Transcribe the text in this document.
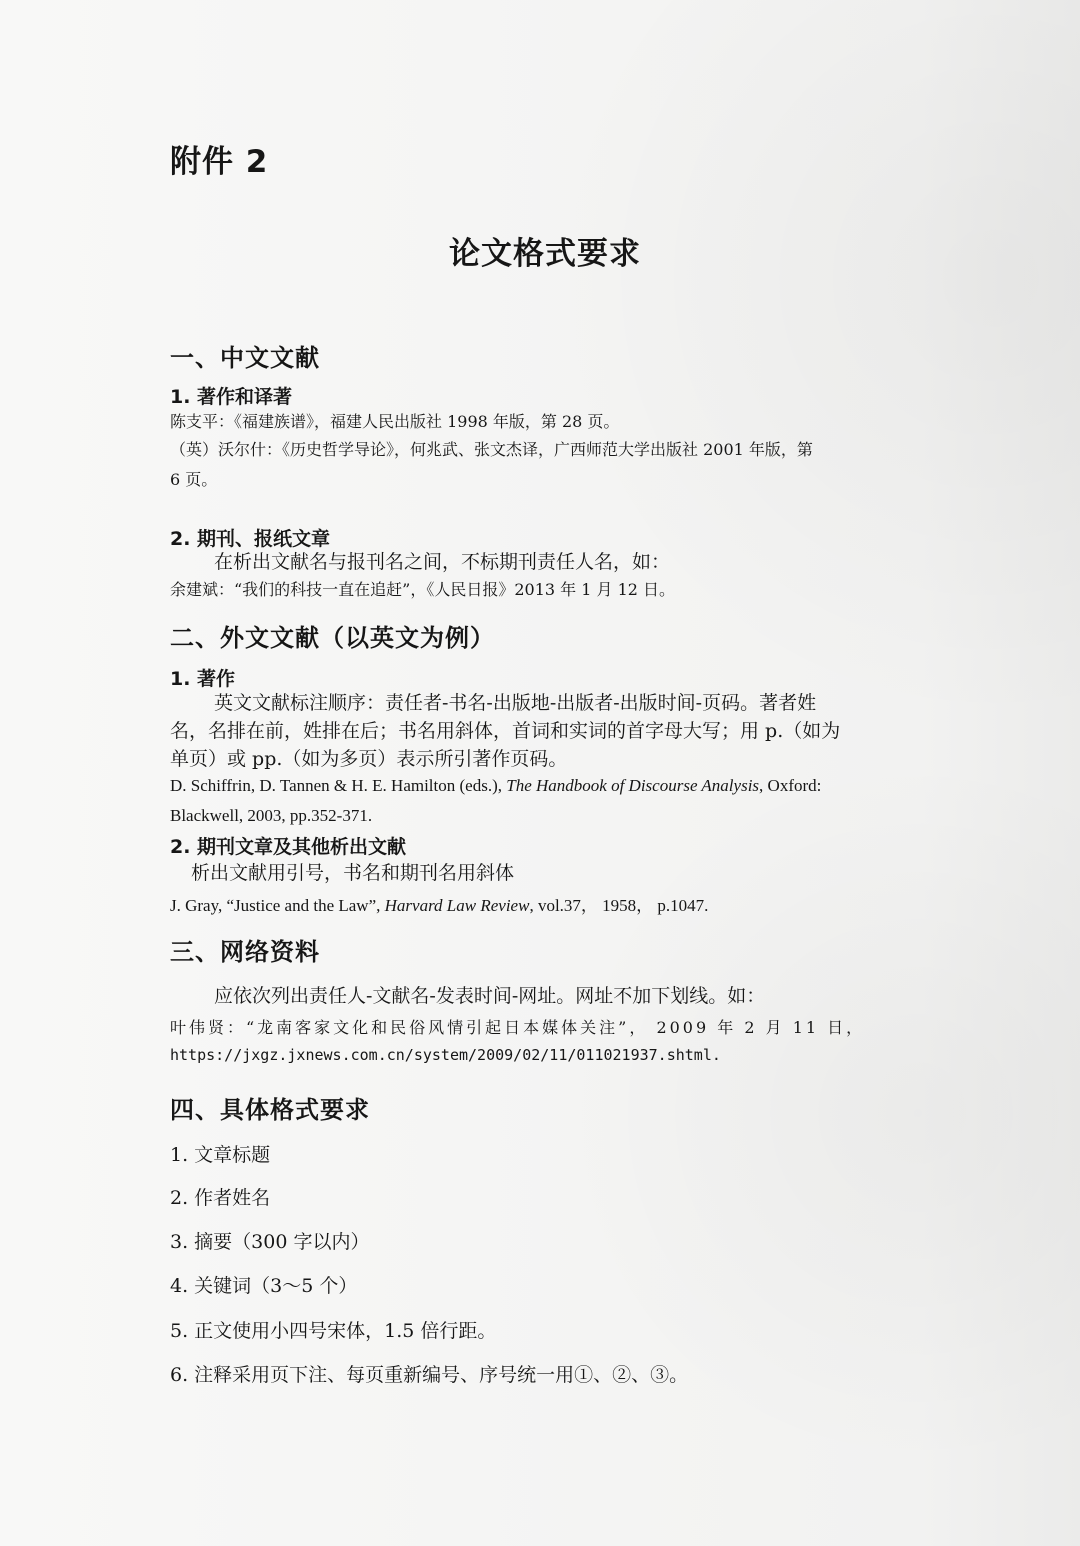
附件 2
论文格式要求
一、中文文献
1. 著作和译著
陈支平：《福建族谱》，福建人民出版社 1998 年版，第 28 页。
（英）沃尔什：《历史哲学导论》，何兆武、张文杰译，广西师范大学出版社 2001 年版，第
6 页。
2. 期刊、报纸文章
在析出文献名与报刊名之间，不标期刊责任人名，如：
余建斌：“我们的科技一直在追赶”，《人民日报》2013 年 1 月 12 日。
二、外文文献（以英文为例）
1. 著作
英文文献标注顺序：责任者-书名-出版地-出版者-出版时间-页码。著者姓
名，名排在前，姓排在后；书名用斜体，首词和实词的首字母大写；用 p.（如为
单页）或 pp.（如为多页）表示所引著作页码。
D. Schiffrin, D. Tannen & H. E. Hamilton (eds.), The Handbook of Discourse Analysis, Oxford:
Blackwell, 2003, pp.352-371.
2. 期刊文章及其他析出文献
析出文献用引号，书名和期刊名用斜体
J. Gray, “Justice and the Law”, Harvard Law Review, vol.37， 1958， p.1047.
三、网络资料
应依次列出责任人-文献名-发表时间-网址。网址不加下划线。如：
叶伟贤：“龙南客家文化和民俗风情引起日本媒体关注”， 2009 年 2 月 11 日，
https://jxgz.jxnews.com.cn/system/2009/02/11/011021937.shtml.
四、具体格式要求
1. 文章标题
2. 作者姓名
3. 摘要（300 字以内）
4. 关键词（3～5 个）
5. 正文使用小四号宋体，1.5 倍行距。
6. 注释采用页下注、每页重新编号、序号统一用①、②、③。
